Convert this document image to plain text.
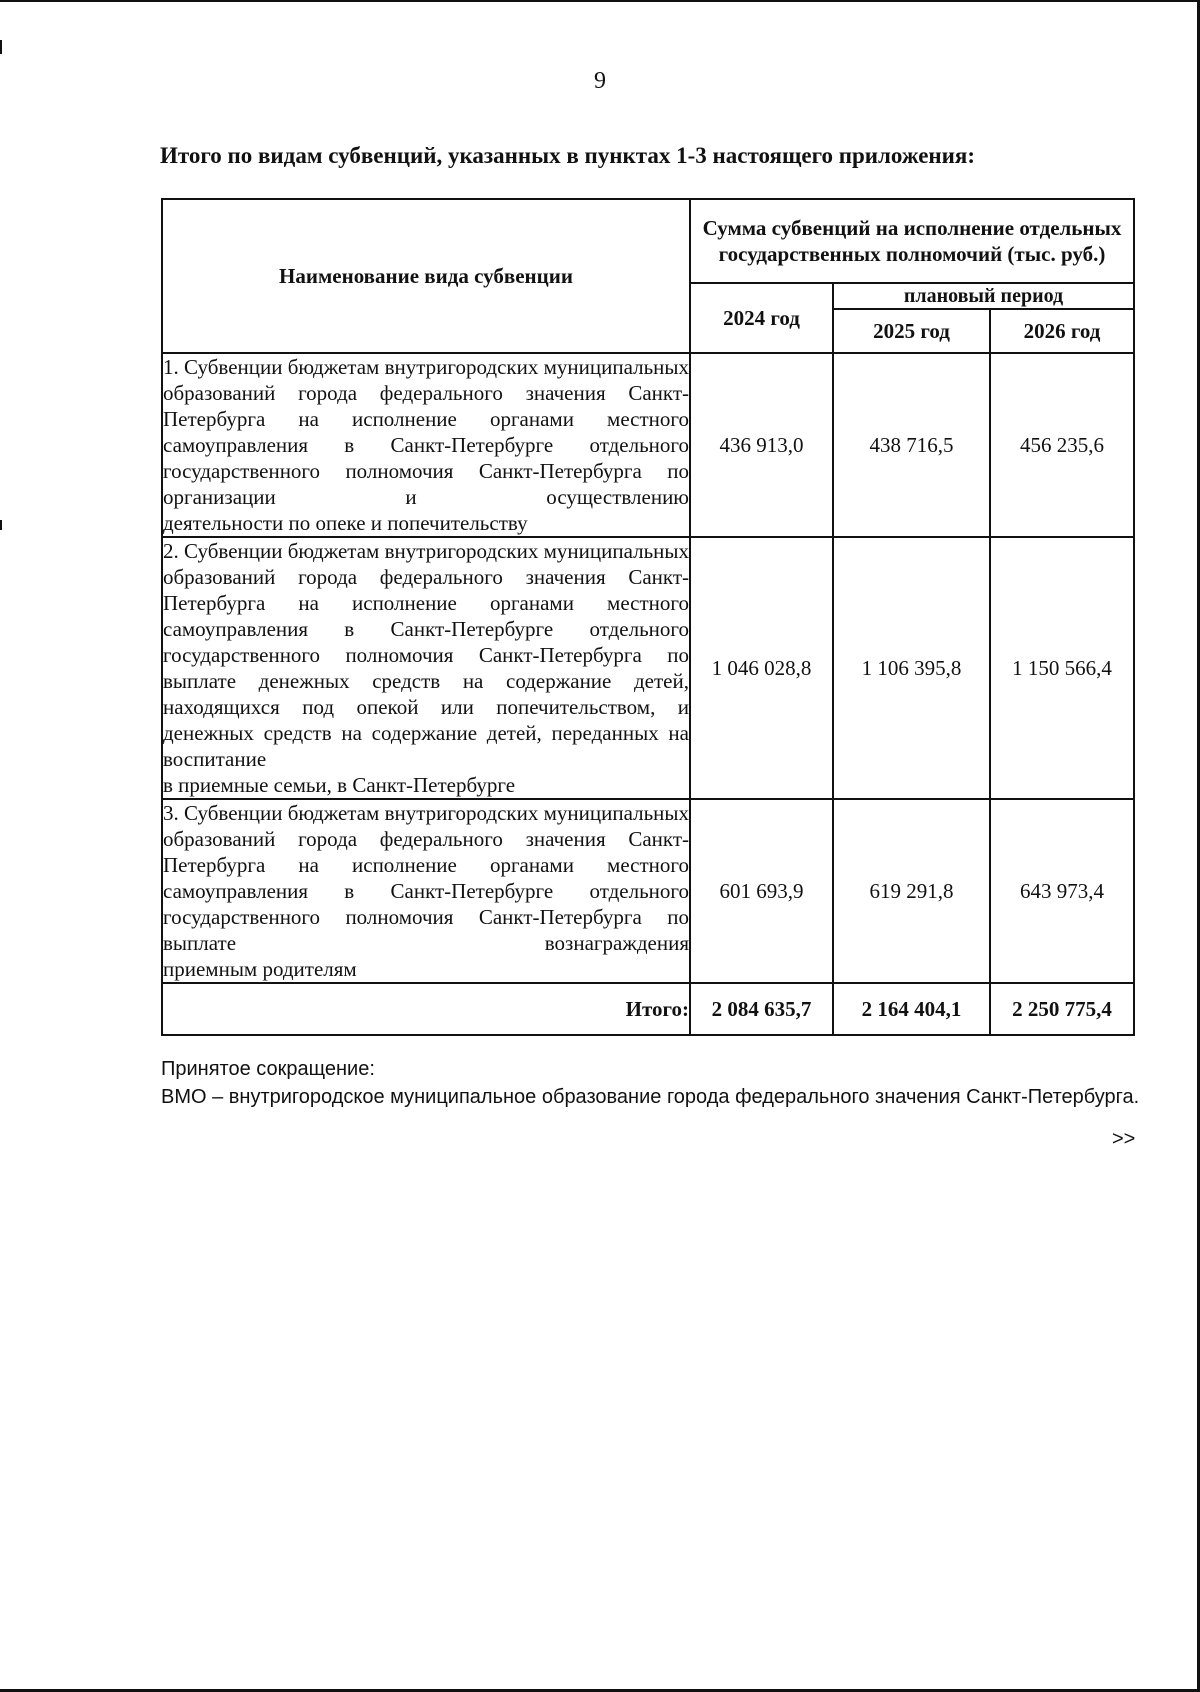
9
Итого по видам субвенций, указанных в пунктах 1-3 настоящего приложения:
Наименование вида субвенции	Сумма субвенций на исполнение отдельных государственных полномочий (тыс. руб.)		
	2024 год	плановый период	
		2025 год	2026 год
1. Субвенции бюджетам внутригородских муниципальных образований города федерального значения Санкт-Петербурга на исполнение органами местного самоуправления в Санкт-Петербурге отдельного государственного полномочия Санкт-Петербурга по организации и осуществлению
деятельности по опеке и попечительству	436 913,0	438 716,5	456 235,6
2. Субвенции бюджетам внутригородских муниципальных образований города федерального значения Санкт-Петербурга на исполнение органами местного самоуправления в Санкт-Петербурге отдельного государственного полномочия Санкт-Петербурга по выплате денежных средств на содержание детей, находящихся под опекой или попечительством, и денежных средств на содержание детей, переданных на воспитание
в приемные семьи, в Санкт-Петербурге	1 046 028,8	1 106 395,8	1 150 566,4
3. Субвенции бюджетам внутригородских муниципальных образований города федерального значения Санкт-Петербурга на исполнение органами местного самоуправления в Санкт-Петербурге отдельного государственного полномочия Санкт-Петербурга по выплате вознаграждения
приемным родителям	601 693,9	619 291,8	643 973,4
Итого:	2 084 635,7	2 164 404,1	2 250 775,4
Принятое сокращение:
ВМО – внутригородское муниципальное образование города федерального значения Санкт-Петербурга.
>>
